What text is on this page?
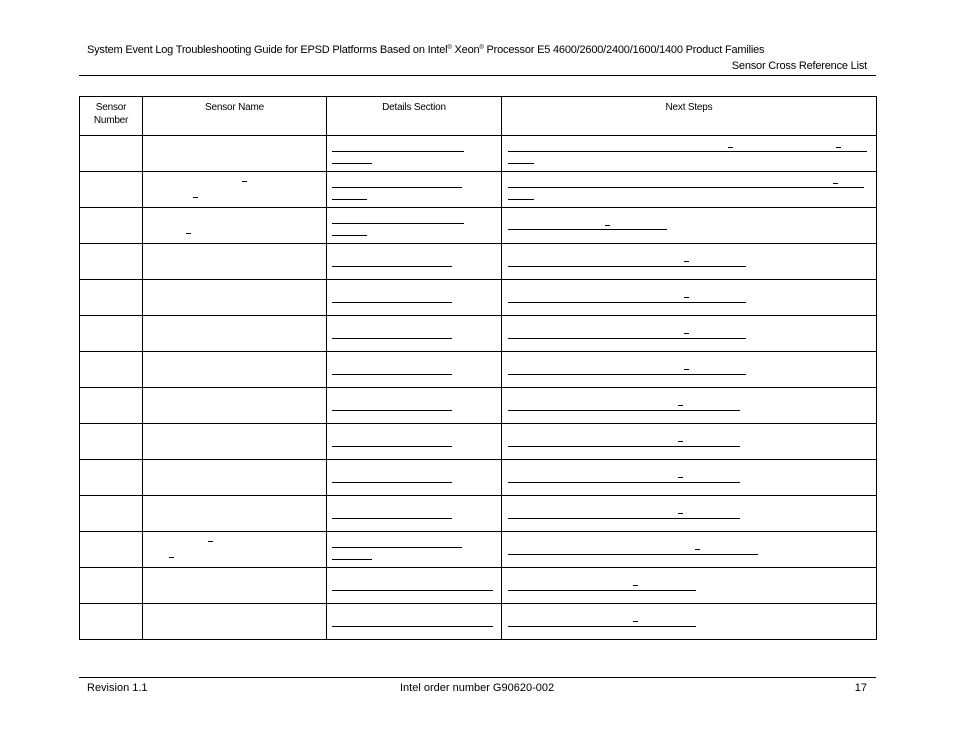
System Event Log Troubleshooting Guide for EPSD Platforms Based on Intel® Xeon® Processor E5 4600/2600/2400/1600/1400 Product Families
Sensor Cross Reference List
Sensor Number	Sensor Name	Details Section	Next Steps

Revision 1.1	Intel order number G90620-002	17
